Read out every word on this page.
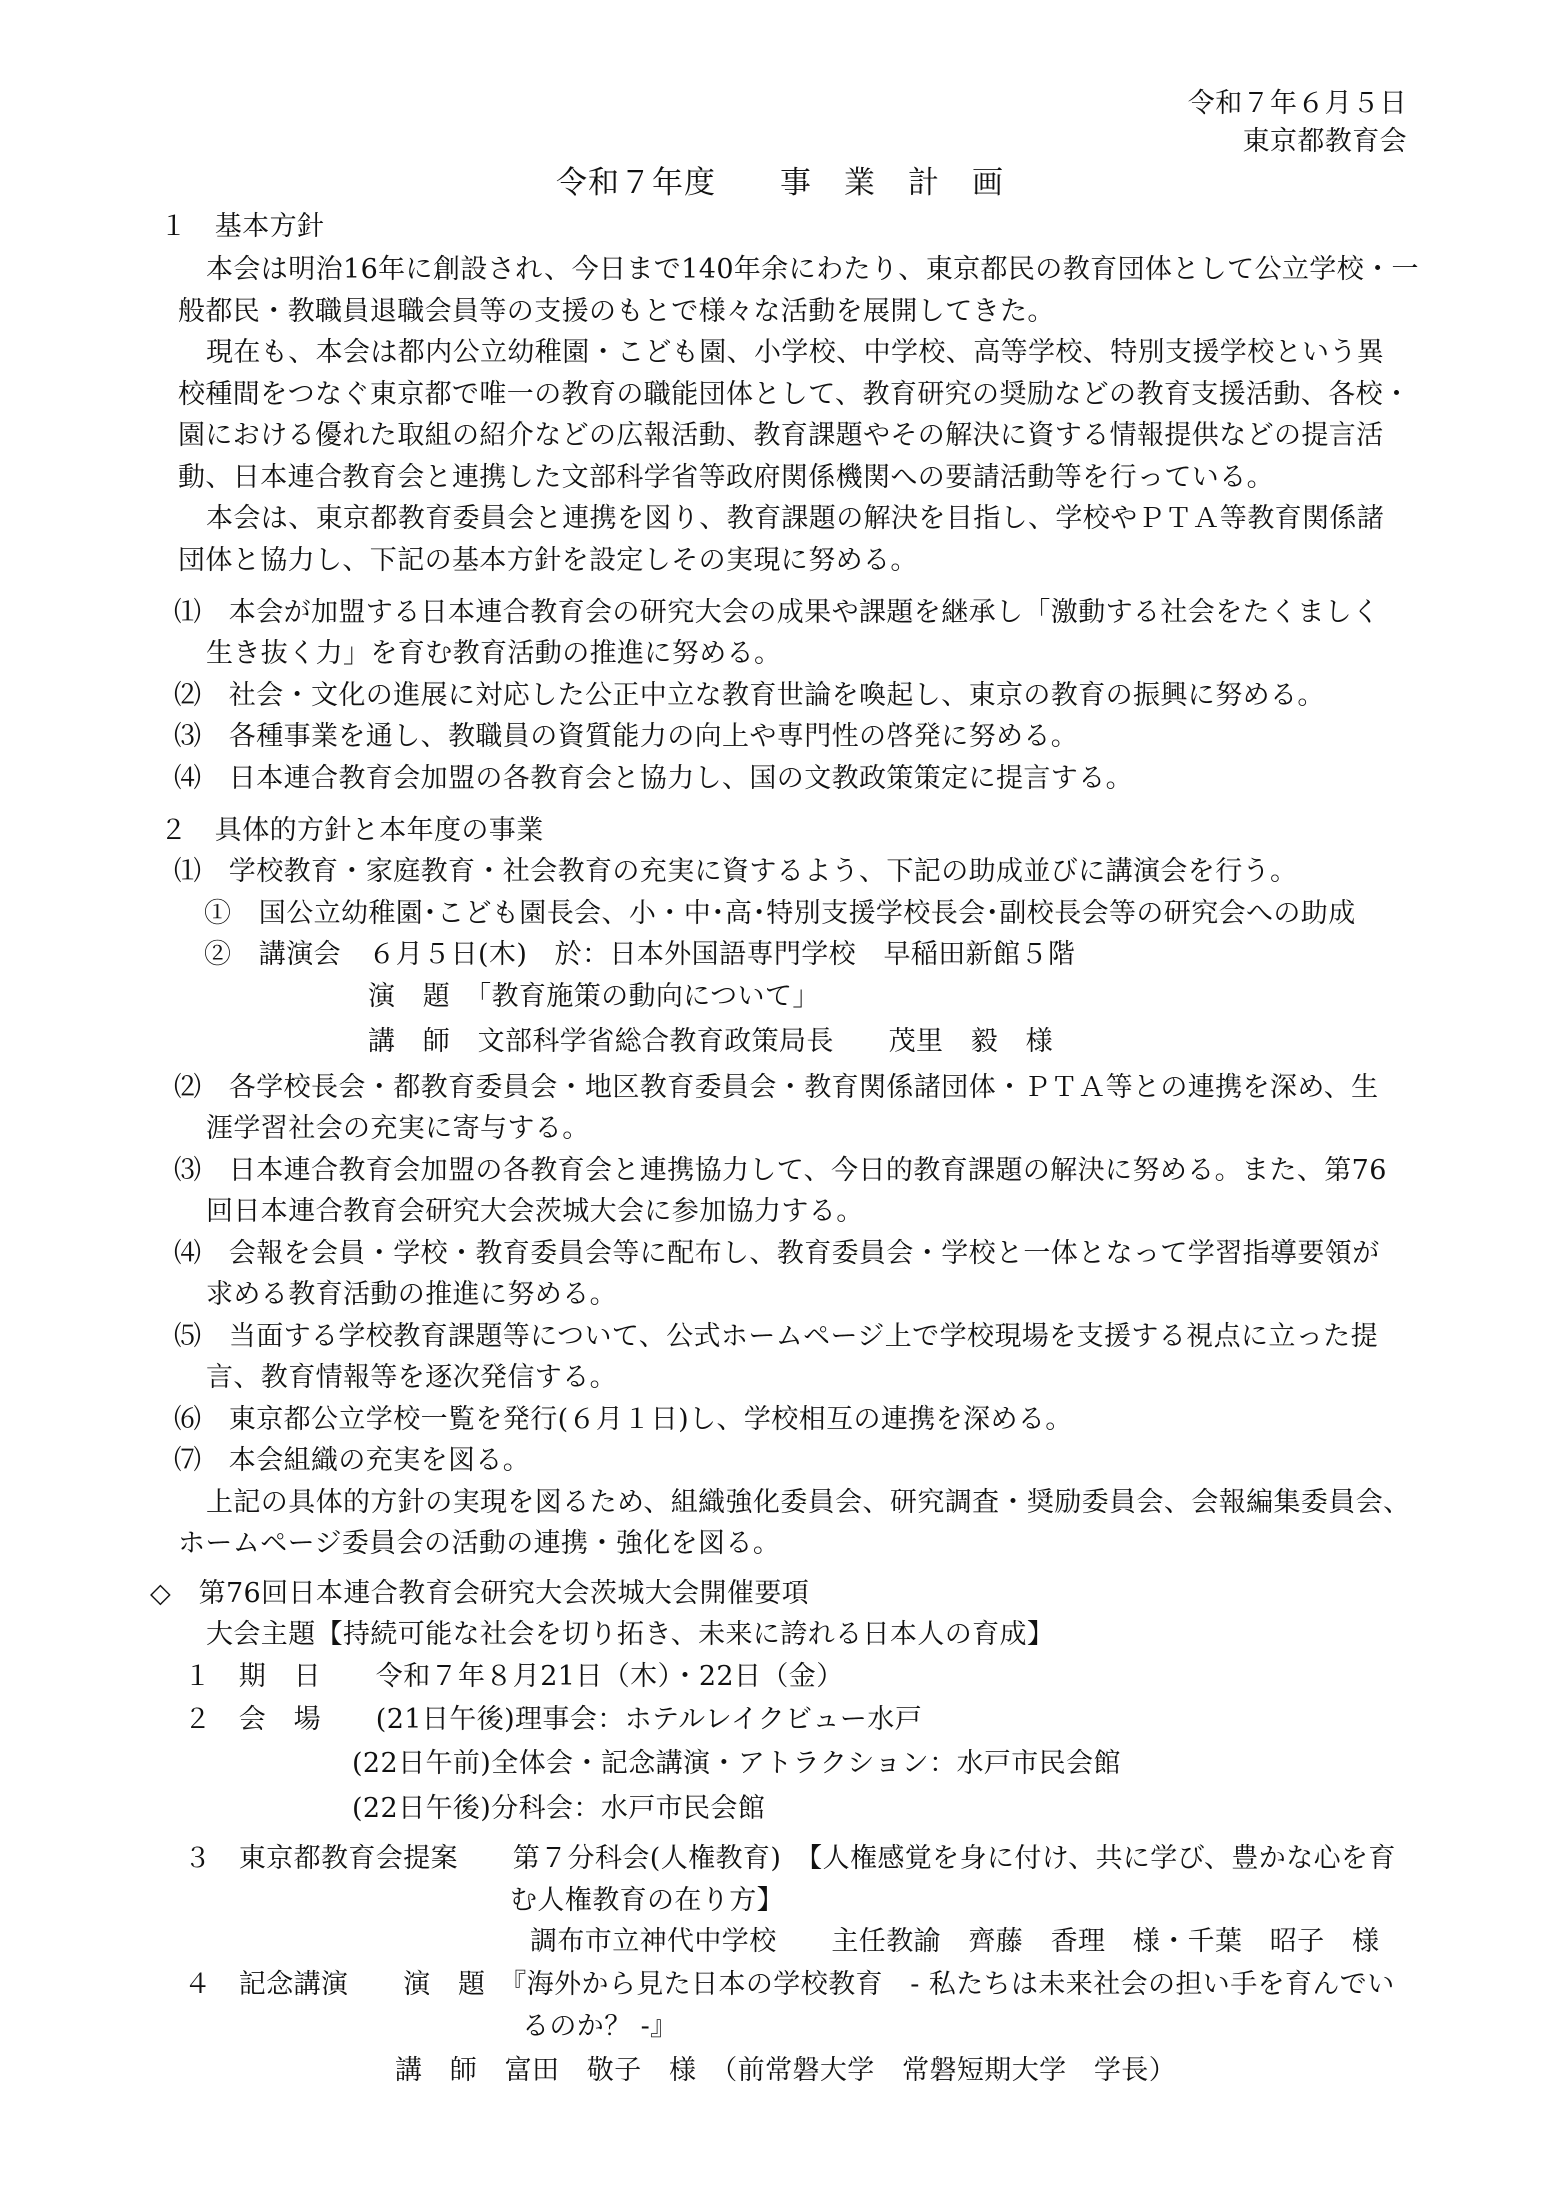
令和７年６月５日
東京都教育会
令和７年度　　事　業　計　画
１　基本方針
本会は明治16年に創設され、今日まで140年余にわたり、東京都民の教育団体として公立学校・一
般都民・教職員退職会員等の支援のもとで様々な活動を展開してきた。
現在も、本会は都内公立幼稚園・こども園、小学校、中学校、高等学校、特別支援学校という異
校種間をつなぐ東京都で唯一の教育の職能団体として、教育研究の奨励などの教育支援活動、各校・
園における優れた取組の紹介などの広報活動、教育課題やその解決に資する情報提供などの提言活
動、日本連合教育会と連携した文部科学省等政府関係機関への要請活動等を行っている。
本会は、東京都教育委員会と連携を図り、教育課題の解決を目指し、学校やＰＴＡ等教育関係諸
団体と協力し、下記の基本方針を設定しその実現に努める。
⑴　本会が加盟する日本連合教育会の研究大会の成果や課題を継承し「激動する社会をたくましく
生き抜く力」を育む教育活動の推進に努める。
⑵　社会・文化の進展に対応した公正中立な教育世論を喚起し、東京の教育の振興に努める。
⑶　各種事業を通し、教職員の資質能力の向上や専門性の啓発に努める。
⑷　日本連合教育会加盟の各教育会と協力し、国の文教政策策定に提言する。
２　具体的方針と本年度の事業
⑴　学校教育・家庭教育・社会教育の充実に資するよう、下記の助成並びに講演会を行う。
①　国公立幼稚園･こども園長会、小・中･高･特別支援学校長会･副校長会等の研究会への助成
②　講演会　６月５日(木)　於：日本外国語専門学校　早稲田新館５階
演　題　「教育施策の動向について」
講　師　文部科学省総合教育政策局長　　茂里　毅　様
⑵　各学校長会・都教育委員会・地区教育委員会・教育関係諸団体・ＰＴＡ等との連携を深め、生
涯学習社会の充実に寄与する。
⑶　日本連合教育会加盟の各教育会と連携協力して、今日的教育課題の解決に努める。また、第76
回日本連合教育会研究大会茨城大会に参加協力する。
⑷　会報を会員・学校・教育委員会等に配布し、教育委員会・学校と一体となって学習指導要領が
求める教育活動の推進に努める。
⑸　当面する学校教育課題等について、公式ホームページ上で学校現場を支援する視点に立った提
言、教育情報等を逐次発信する。
⑹　東京都公立学校一覧を発行(６月１日)し、学校相互の連携を深める。
⑺　本会組織の充実を図る。
上記の具体的方針の実現を図るため、組織強化委員会、研究調査・奨励委員会、会報編集委員会、
ホームページ委員会の活動の連携・強化を図る。
◇　第76回日本連合教育会研究大会茨城大会開催要項
大会主題【持続可能な社会を切り拓き、未来に誇れる日本人の育成】
１　期　日　　令和７年８月21日（木）・22日（金）
２　会　場　　(21日午後)理事会：ホテルレイクビュー水戸
(22日午前)全体会・記念講演・アトラクション：水戸市民会館
(22日午後)分科会：水戸市民会館
３　東京都教育会提案　　第７分科会(人権教育)　【人権感覚を身に付け、共に学び、豊かな心を育
む人権教育の在り方】
調布市立神代中学校　　主任教諭　齊藤　香理　様・千葉　昭子　様
４　記念講演　　演　題　『海外から見た日本の学校教育　‐ 私たちは未来社会の担い手を育んでい
るのか？ -』
講　師　富田　敬子　様　（前常磐大学　常磐短期大学　学長）
